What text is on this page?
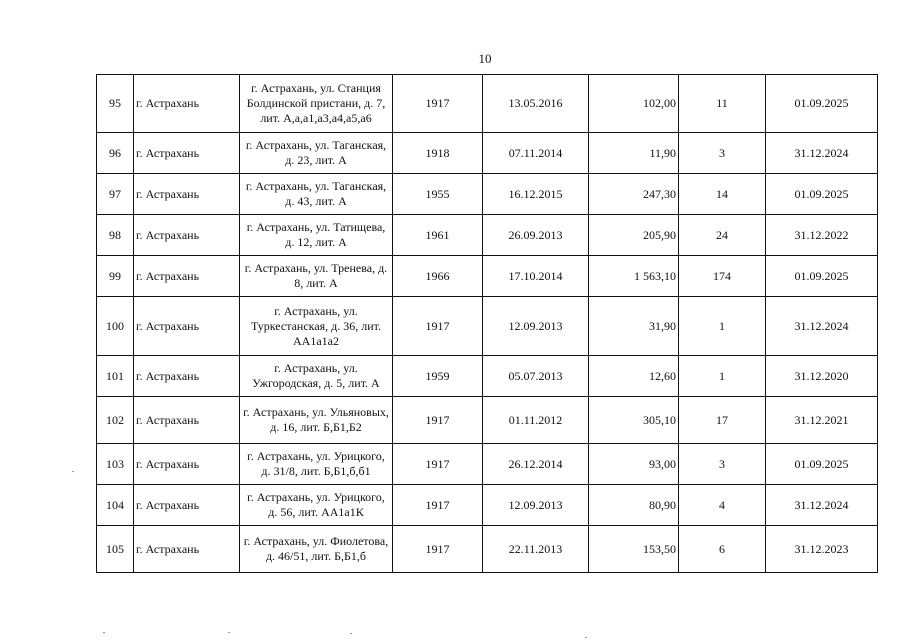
10
95	г. Астрахань	г. Астрахань, ул. Станция Болдинской пристани, д. 7, лит. А,а,а1,а3,а4,а5,а6	1917	13.05.2016	102,00	11	01.09.2025
96	г. Астрахань	г. Астрахань, ул. Таганская, д. 23, лит. А	1918	07.11.2014	11,90	3	31.12.2024
97	г. Астрахань	г. Астрахань, ул. Таганская, д. 43, лит. А	1955	16.12.2015	247,30	14	01.09.2025
98	г. Астрахань	г. Астрахань, ул. Татищева, д. 12, лит. А	1961	26.09.2013	205,90	24	31.12.2022
99	г. Астрахань	г. Астрахань, ул. Тренева, д. 8, лит. А	1966	17.10.2014	1 563,10	174	01.09.2025
100	г. Астрахань	г. Астрахань, ул. Туркестанская, д. 36, лит. АА1а1а2	1917	12.09.2013	31,90	1	31.12.2024
101	г. Астрахань	г. Астрахань, ул. Ужгородская, д. 5, лит. А	1959	05.07.2013	12,60	1	31.12.2020
102	г. Астрахань	г. Астрахань, ул. Ульяновых, д. 16, лит. Б,Б1,Б2	1917	01.11.2012	305,10	17	31.12.2021
103	г. Астрахань	г. Астрахань, ул. Урицкого, д. 31/8, лит. Б,Б1,б,б1	1917	26.12.2014	93,00	3	01.09.2025
104	г. Астрахань	г. Астрахань, ул. Урицкого, д. 56, лит. АА1а1К	1917	12.09.2013	80,90	4	31.12.2024
105	г. Астрахань	г. Астрахань, ул. Фиолетова, д. 46/51, лит. Б,Б1,б	1917	22.11.2013	153,50	6	31.12.2023
